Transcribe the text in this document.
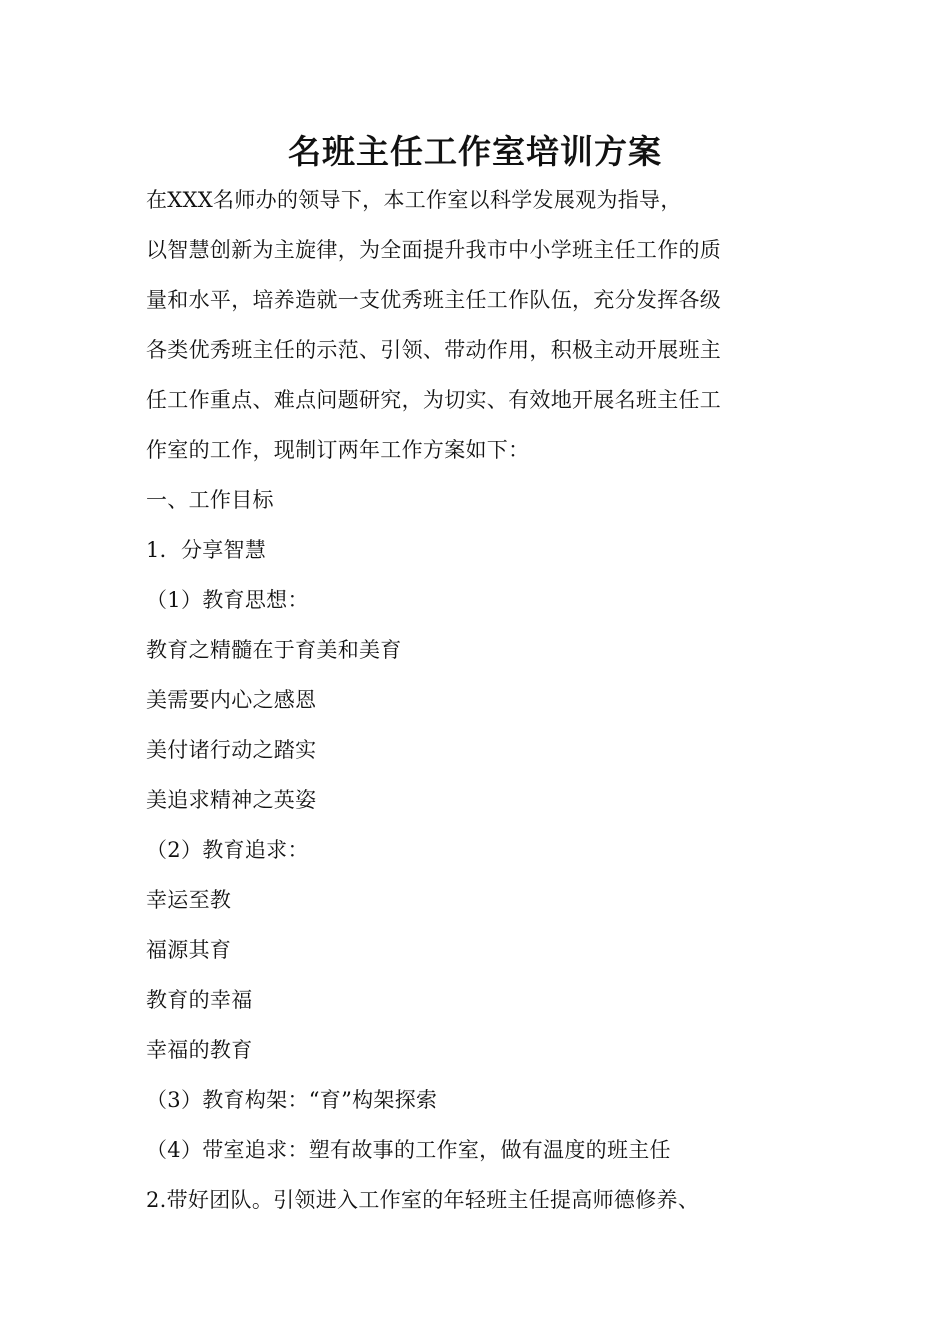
名班主任工作室培训方案
在XXX名师办的领导下，本工作室以科学发展观为指导，
以智慧创新为主旋律，为全面提升我市中小学班主任工作的质
量和水平，培养造就一支优秀班主任工作队伍，充分发挥各级
各类优秀班主任的示范、引领、带动作用，积极主动开展班主
任工作重点、难点问题研究，为切实、有效地开展名班主任工
作室的工作，现制订两年工作方案如下：
一、工作目标
1．分享智慧
（1）教育思想：
教育之精髓在于育美和美育
美需要内心之感恩
美付诸行动之踏实
美追求精神之英姿
（2）教育追求：
幸运至教
福源其育
教育的幸福
幸福的教育
（3）教育构架：“育”构架探索
（4）带室追求：塑有故事的工作室，做有温度的班主任
2.带好团队。引领进入工作室的年轻班主任提高师德修养、
